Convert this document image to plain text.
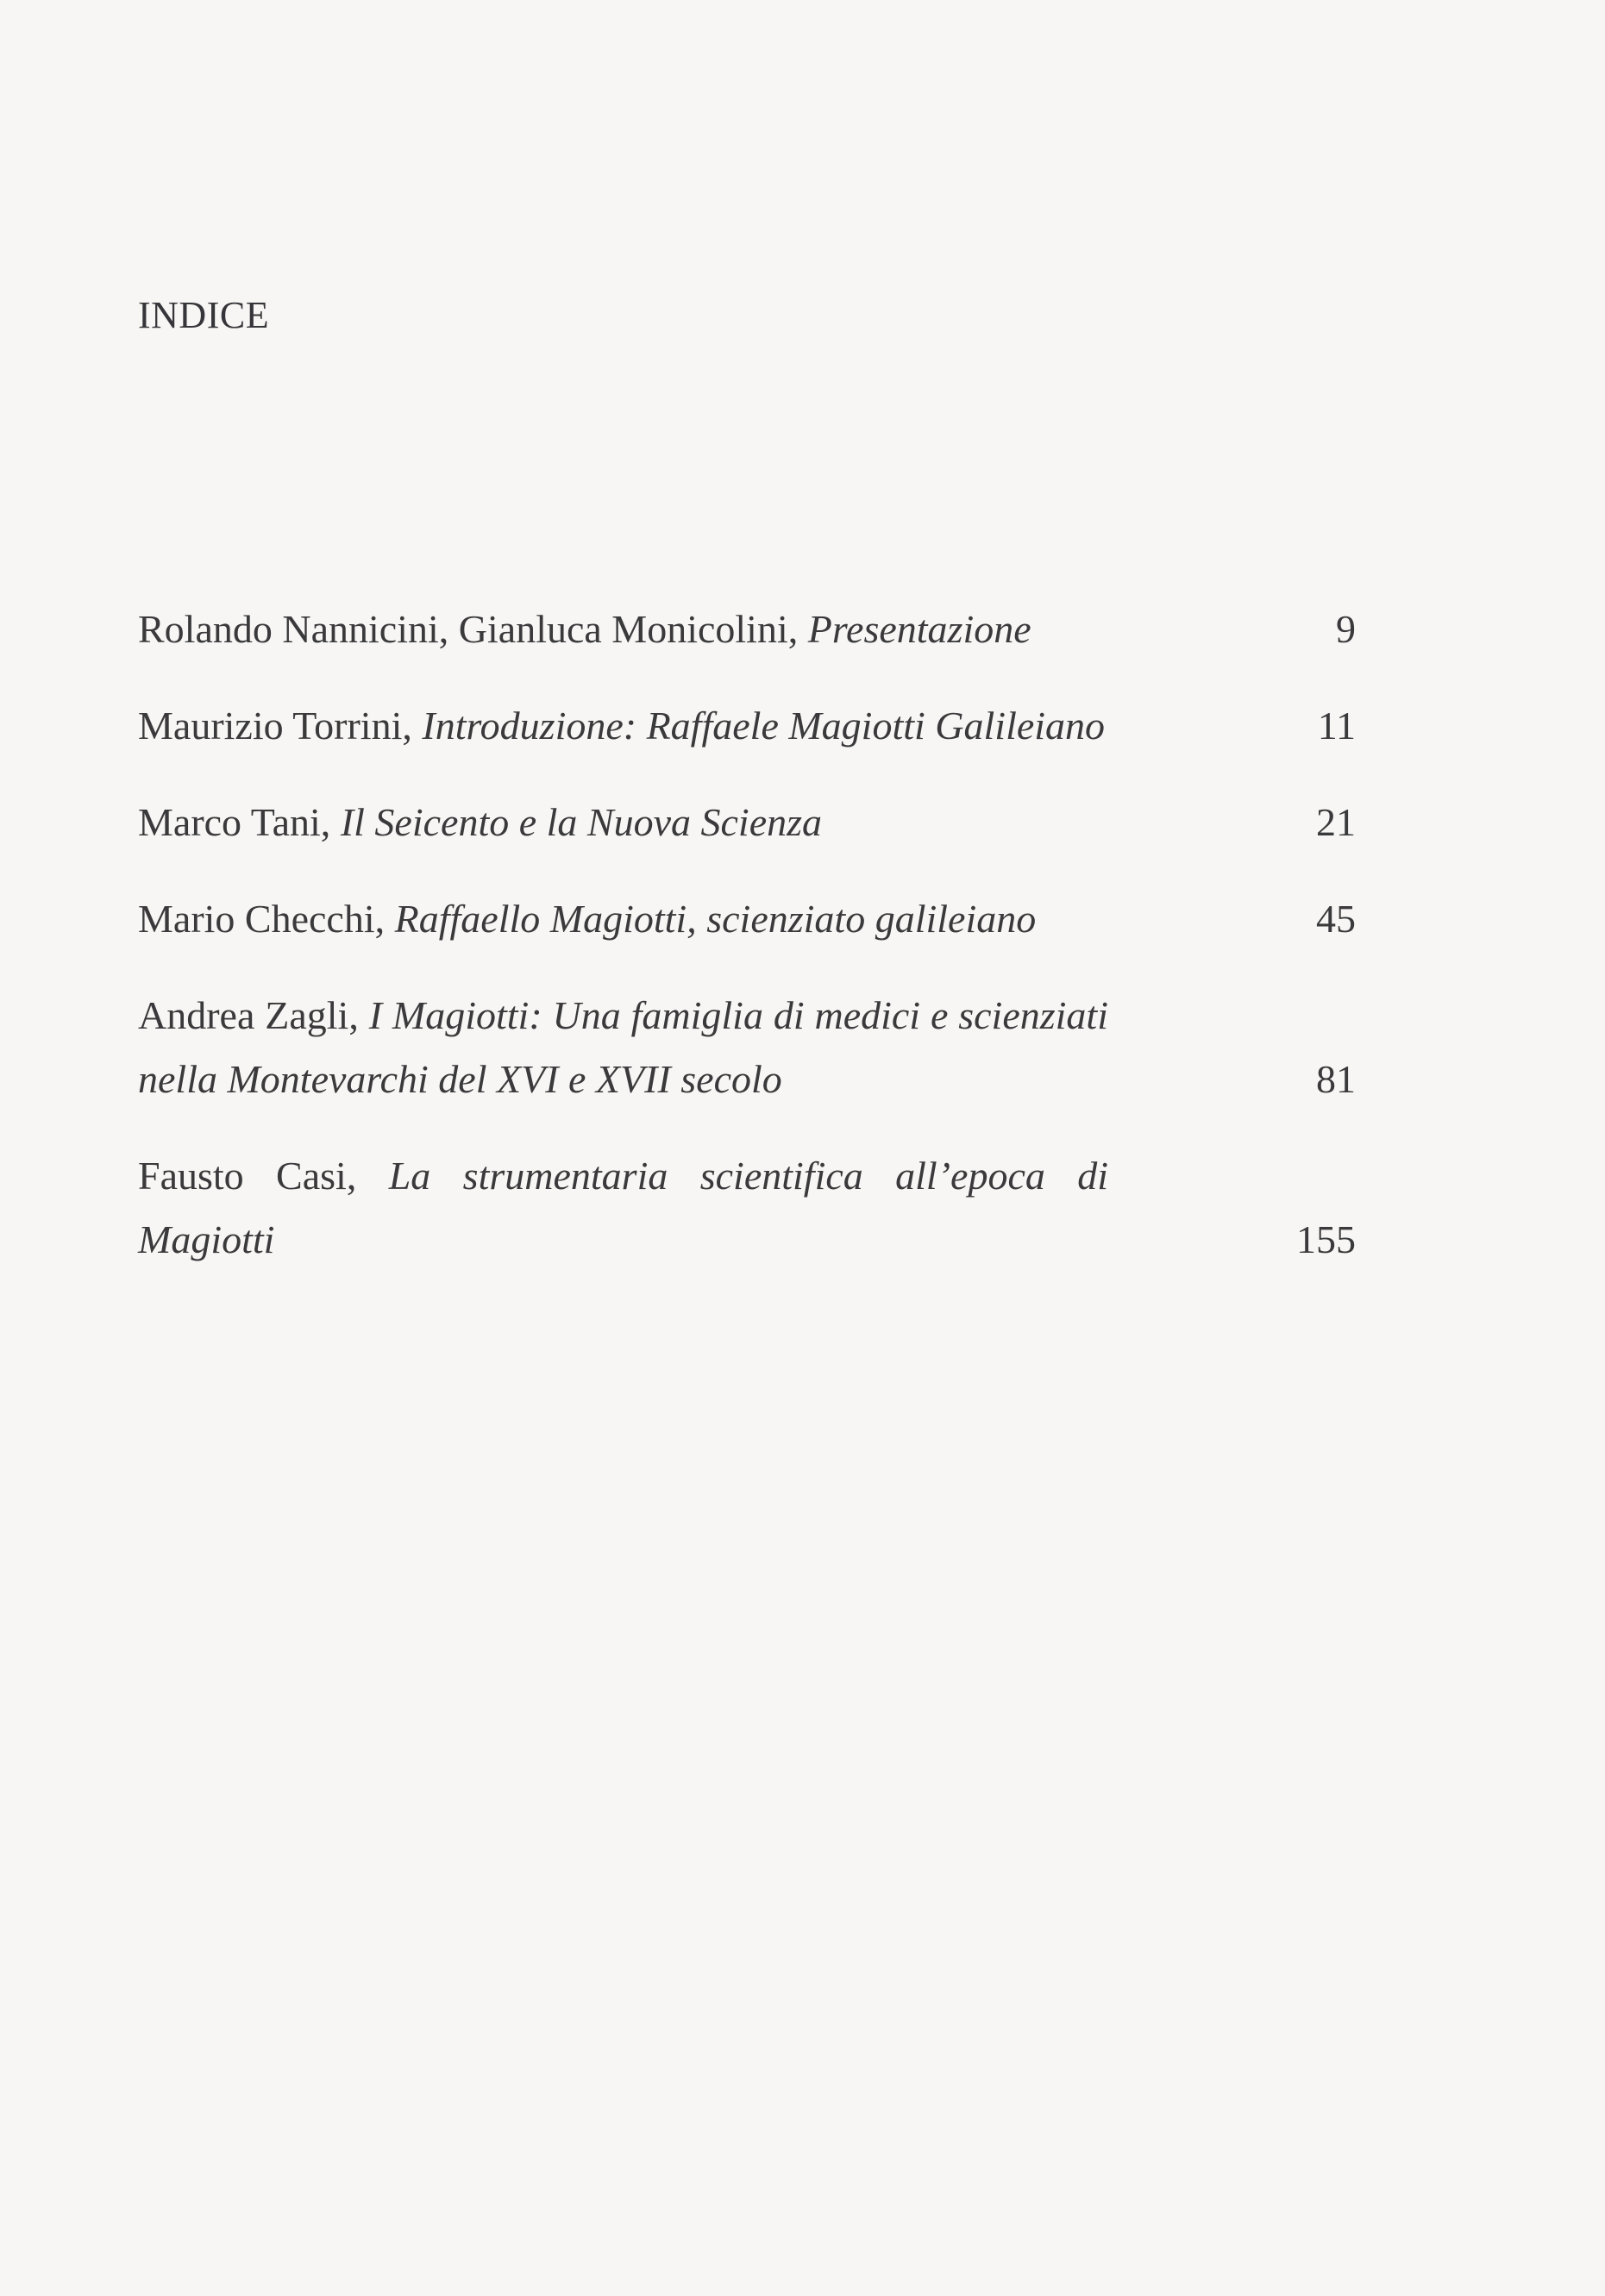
INDICE
Rolando Nannicini, Gianluca Monicolini, Presentazione	9
Maurizio Torrini, Introduzione: Raffaele Magiotti Galileiano	11
Marco Tani, Il Seicento e la Nuova Scienza	21
Mario Checchi, Raffaello Magiotti, scienziato galileiano	45
Andrea Zagli, I Magiotti: Una famiglia di medici e scienziati nella Montevarchi del XVI e XVII secolo	81
Fausto Casi, La strumentaria scientifica all’epoca di Magiotti	155
